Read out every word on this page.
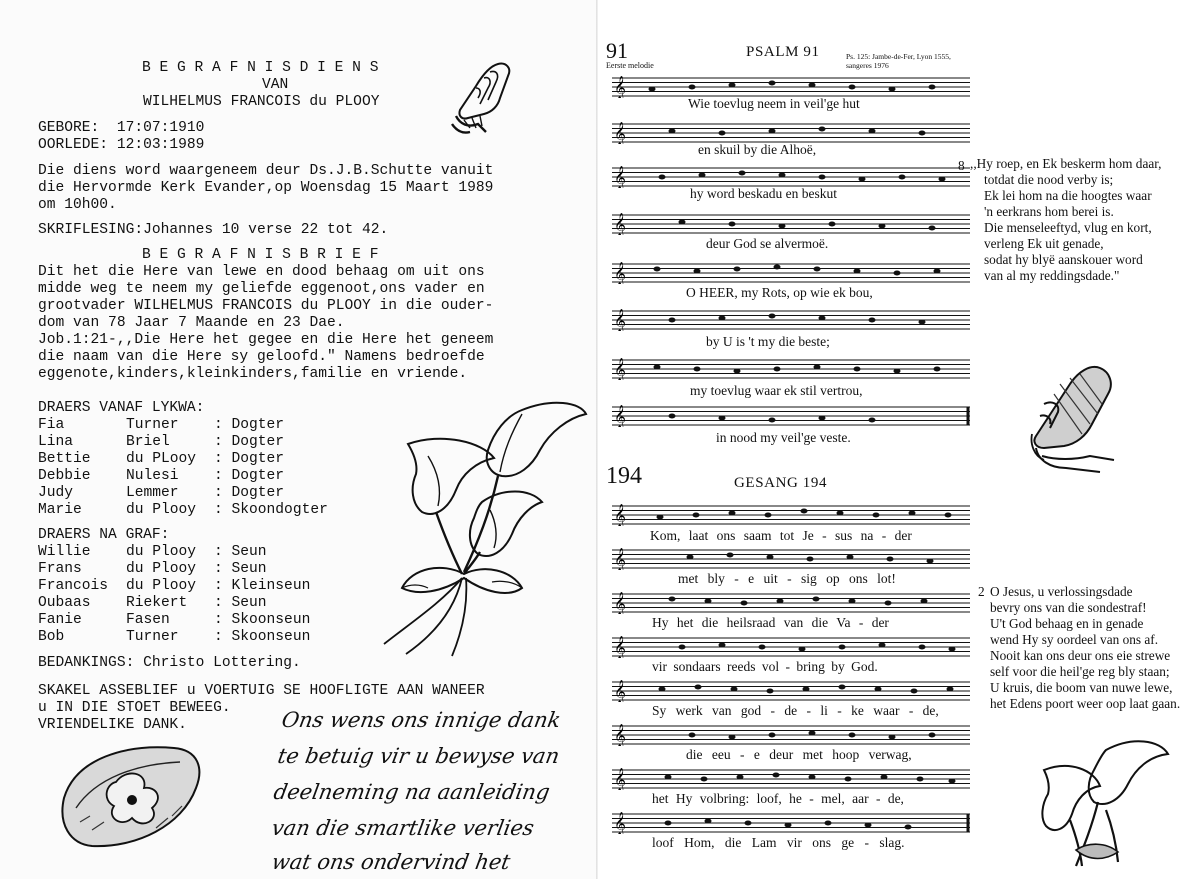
B E G R A F N I S D I E N S
VAN
WILHELMUS FRANCOIS du PLOOY
GEBORE:  17:07:1910
OORLEDE: 12:03:1989
Die diens word waargeneem deur Ds.J.B.Schutte vanuit
die Hervormde Kerk Evander,op Woensdag 15 Maart 1989
om 10h00.
SKRIFLESING:Johannes 10 verse 22 tot 42.
B E G R A F N I S B R I E F
Dit het die Here van lewe en dood behaag om uit ons
midde weg te neem my geliefde eggenoot,ons vader en
grootvader WILHELMUS FRANCOIS du PLOOY in die ouder-
dom van 78 Jaar 7 Maande en 23 Dae.
Job.1:21-,,Die Here het gegee en die Here het geneem
die naam van die Here sy geloofd." Namens bedroefde
eggenote,kinders,kleinkinders,familie en vriende.
DRAERS VANAF LYKWA:
Fia	Turner : Dogter
Lina	Briel	: Dogter
Bettie du PLooy : Dogter
Debbie Nulesi : Dogter
Judy	Lemmer : Dogter
Marie	du Plooy : Skoondogter
DRAERS NA GRAF:
Willie du Plooy : Seun
Frans	du Plooy : Seun
Francois du Plooy : Kleinseun
Oubaas Riekert : Seun
Fanie	Fasen	: Skoonseun
Bob	Turner : Skoonseun
BEDANKINGS: Christo Lottering.
SKAKEL ASSEBLIEF u VOERTUIG SE HOOFLIGTE AAN WANEER
u IN DIE STOET BEWEEG.
VRIENDELIKE DANK.	Ons wens ons innige dank
te betuig vir u bewyse van
deelneming na aanleiding
van die smartlike verlies
wat ons ondervind het
91
Eerste melodie
PSALM 91	Ps. 125: Jambe-de-Fer, Lyon 1555,
sangeres 1976
𝄞
Wie toevlug neem in veil'ge hut
𝄞
en skuil by die Alhoë,
𝄞
hy word beskadu en beskut
𝄞
deur God se alvermoë.
𝄞
O HEER, my Rots, op wie ek bou,
𝄞
by U is 't my die beste;
𝄞
my toevlug waar ek stil vertrou,
𝄞
in nood my veil'ge veste.
8 ,,Hy roep, en Ek beskerm hom daar,
totdat die nood verby is;
Ek lei hom na die hoogtes waar
'n eerkrans hom berei is.
Die menseleeftyd, vlug en kort,
verleng Ek uit genade,
sodat hy blyë aanskouer word
van al my reddingsdade."
194	GESANG 194
𝄞
Kom, laat ons saam tot Je - sus na - der
𝄞
met bly - e uit - sig op ons lot!
𝄞
Hy het die heilsraad van die Va - der
𝄞
vir sondaars reeds vol - bring by God.
𝄞
Sy werk van god - de - li - ke waar - de,
𝄞
die eeu - e deur met hoop verwag,
𝄞
het Hy volbring: loof, he - mel, aar - de,
𝄞
loof Hom, die Lam vir ons ge - slag.
2 O Jesus, u verlossingsdade
bevry ons van die sondestraf!
U't God behaag en in genade
wend Hy sy oordeel van ons af.
Nooit kan ons deur ons eie strewe
self voor die heil'ge reg bly staan;
U kruis, die boom van nuwe lewe,
het Edens poort weer oop laat gaan.
